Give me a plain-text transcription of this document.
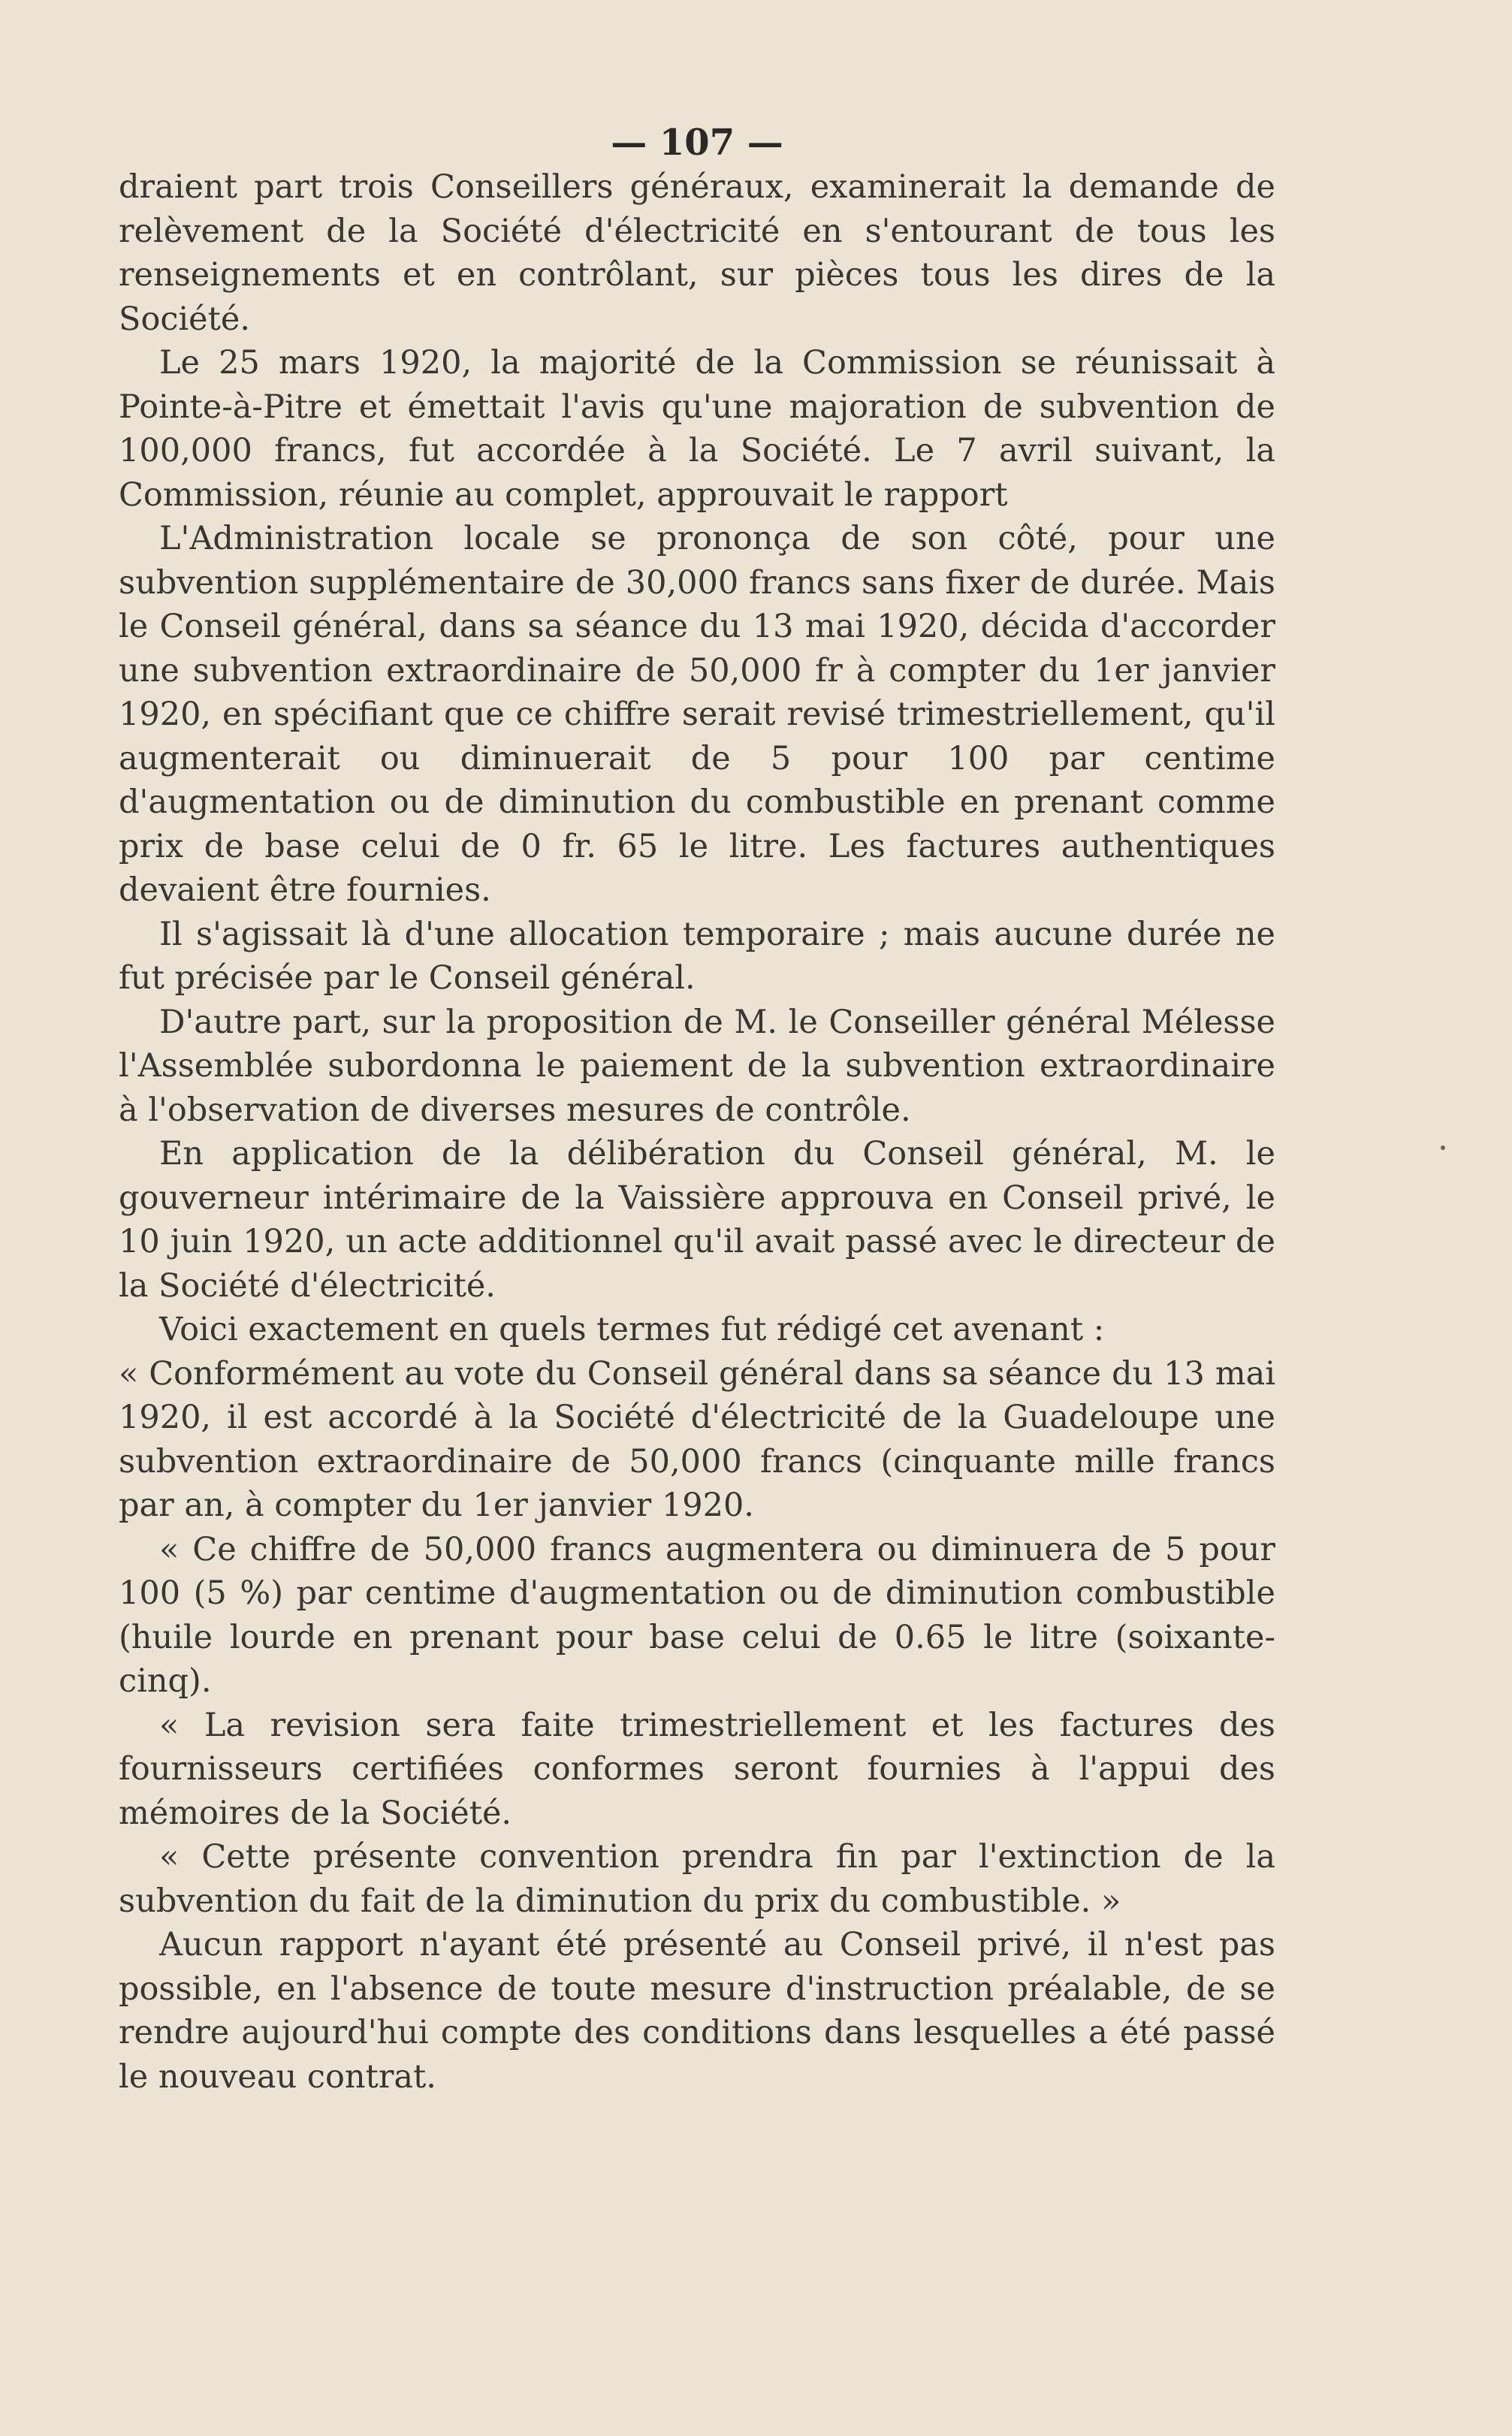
— 107 —

draient part trois Conseillers généraux, examinerait la demande de relèvement de la Société d'électricité en s'entourant de tous les renseignements et en contrôlant, sur pièces tous les dires de la Société.

Le 25 mars 1920, la majorité de la Commission se réunissait à Pointe-à-Pitre et émettait l'avis qu'une majoration de subvention de 100,000 francs, fut accordée à la Société. Le 7 avril suivant, la Commission, réunie au complet, approuvait le rapport

L'Administration locale se prononça de son côté, pour une subvention supplémentaire de 30,000 francs sans fixer de durée. Mais le Conseil général, dans sa séance du 13 mai 1920, décida d'accorder une subvention extraordinaire de 50,000 fr à compter du 1er janvier 1920, en spécifiant que ce chiffre serait revisé trimestriellement, qu'il augmenterait ou diminuerait de 5 pour 100 par centime d'augmentation ou de diminution du combustible en prenant comme prix de base celui de 0 fr. 65 le litre. Les factures authentiques devaient être fournies.

Il s'agissait là d'une allocation temporaire ; mais aucune durée ne fut précisée par le Conseil général.

D'autre part, sur la proposition de M. le Conseiller général Mélesse l'Assemblée subordonna le paiement de la subvention extraordinaire à l'observation de diverses mesures de contrôle.

En application de la délibération du Conseil général, M. le gouverneur intérimaire de la Vaissière approuva en Conseil privé, le 10 juin 1920, un acte additionnel qu'il avait passé avec le directeur de la Société d'électricité.

Voici exactement en quels termes fut rédigé cet avenant :

« Conformément au vote du Conseil général dans sa séance du 13 mai 1920, il est accordé à la Société d'électricité de la Guadeloupe une subvention extraordinaire de 50,000 francs (cinquante mille francs par an, à compter du 1er janvier 1920.

« Ce chiffre de 50,000 francs augmentera ou diminuera de 5 pour 100 (5 %) par centime d'augmentation ou de diminution combustible (huile lourde en prenant pour base celui de 0.65 le litre (soixante-cinq).

« La revision sera faite trimestriellement et les factures des fournisseurs certifiées conformes seront fournies à l'appui des mémoires de la Société.

« Cette présente convention prendra fin par l'extinction de la subvention du fait de la diminution du prix du combustible. »

Aucun rapport n'ayant été présenté au Conseil privé, il n'est pas possible, en l'absence de toute mesure d'instruction préalable, de se rendre aujourd'hui compte des conditions dans lesquelles a été passé le nouveau contrat.
